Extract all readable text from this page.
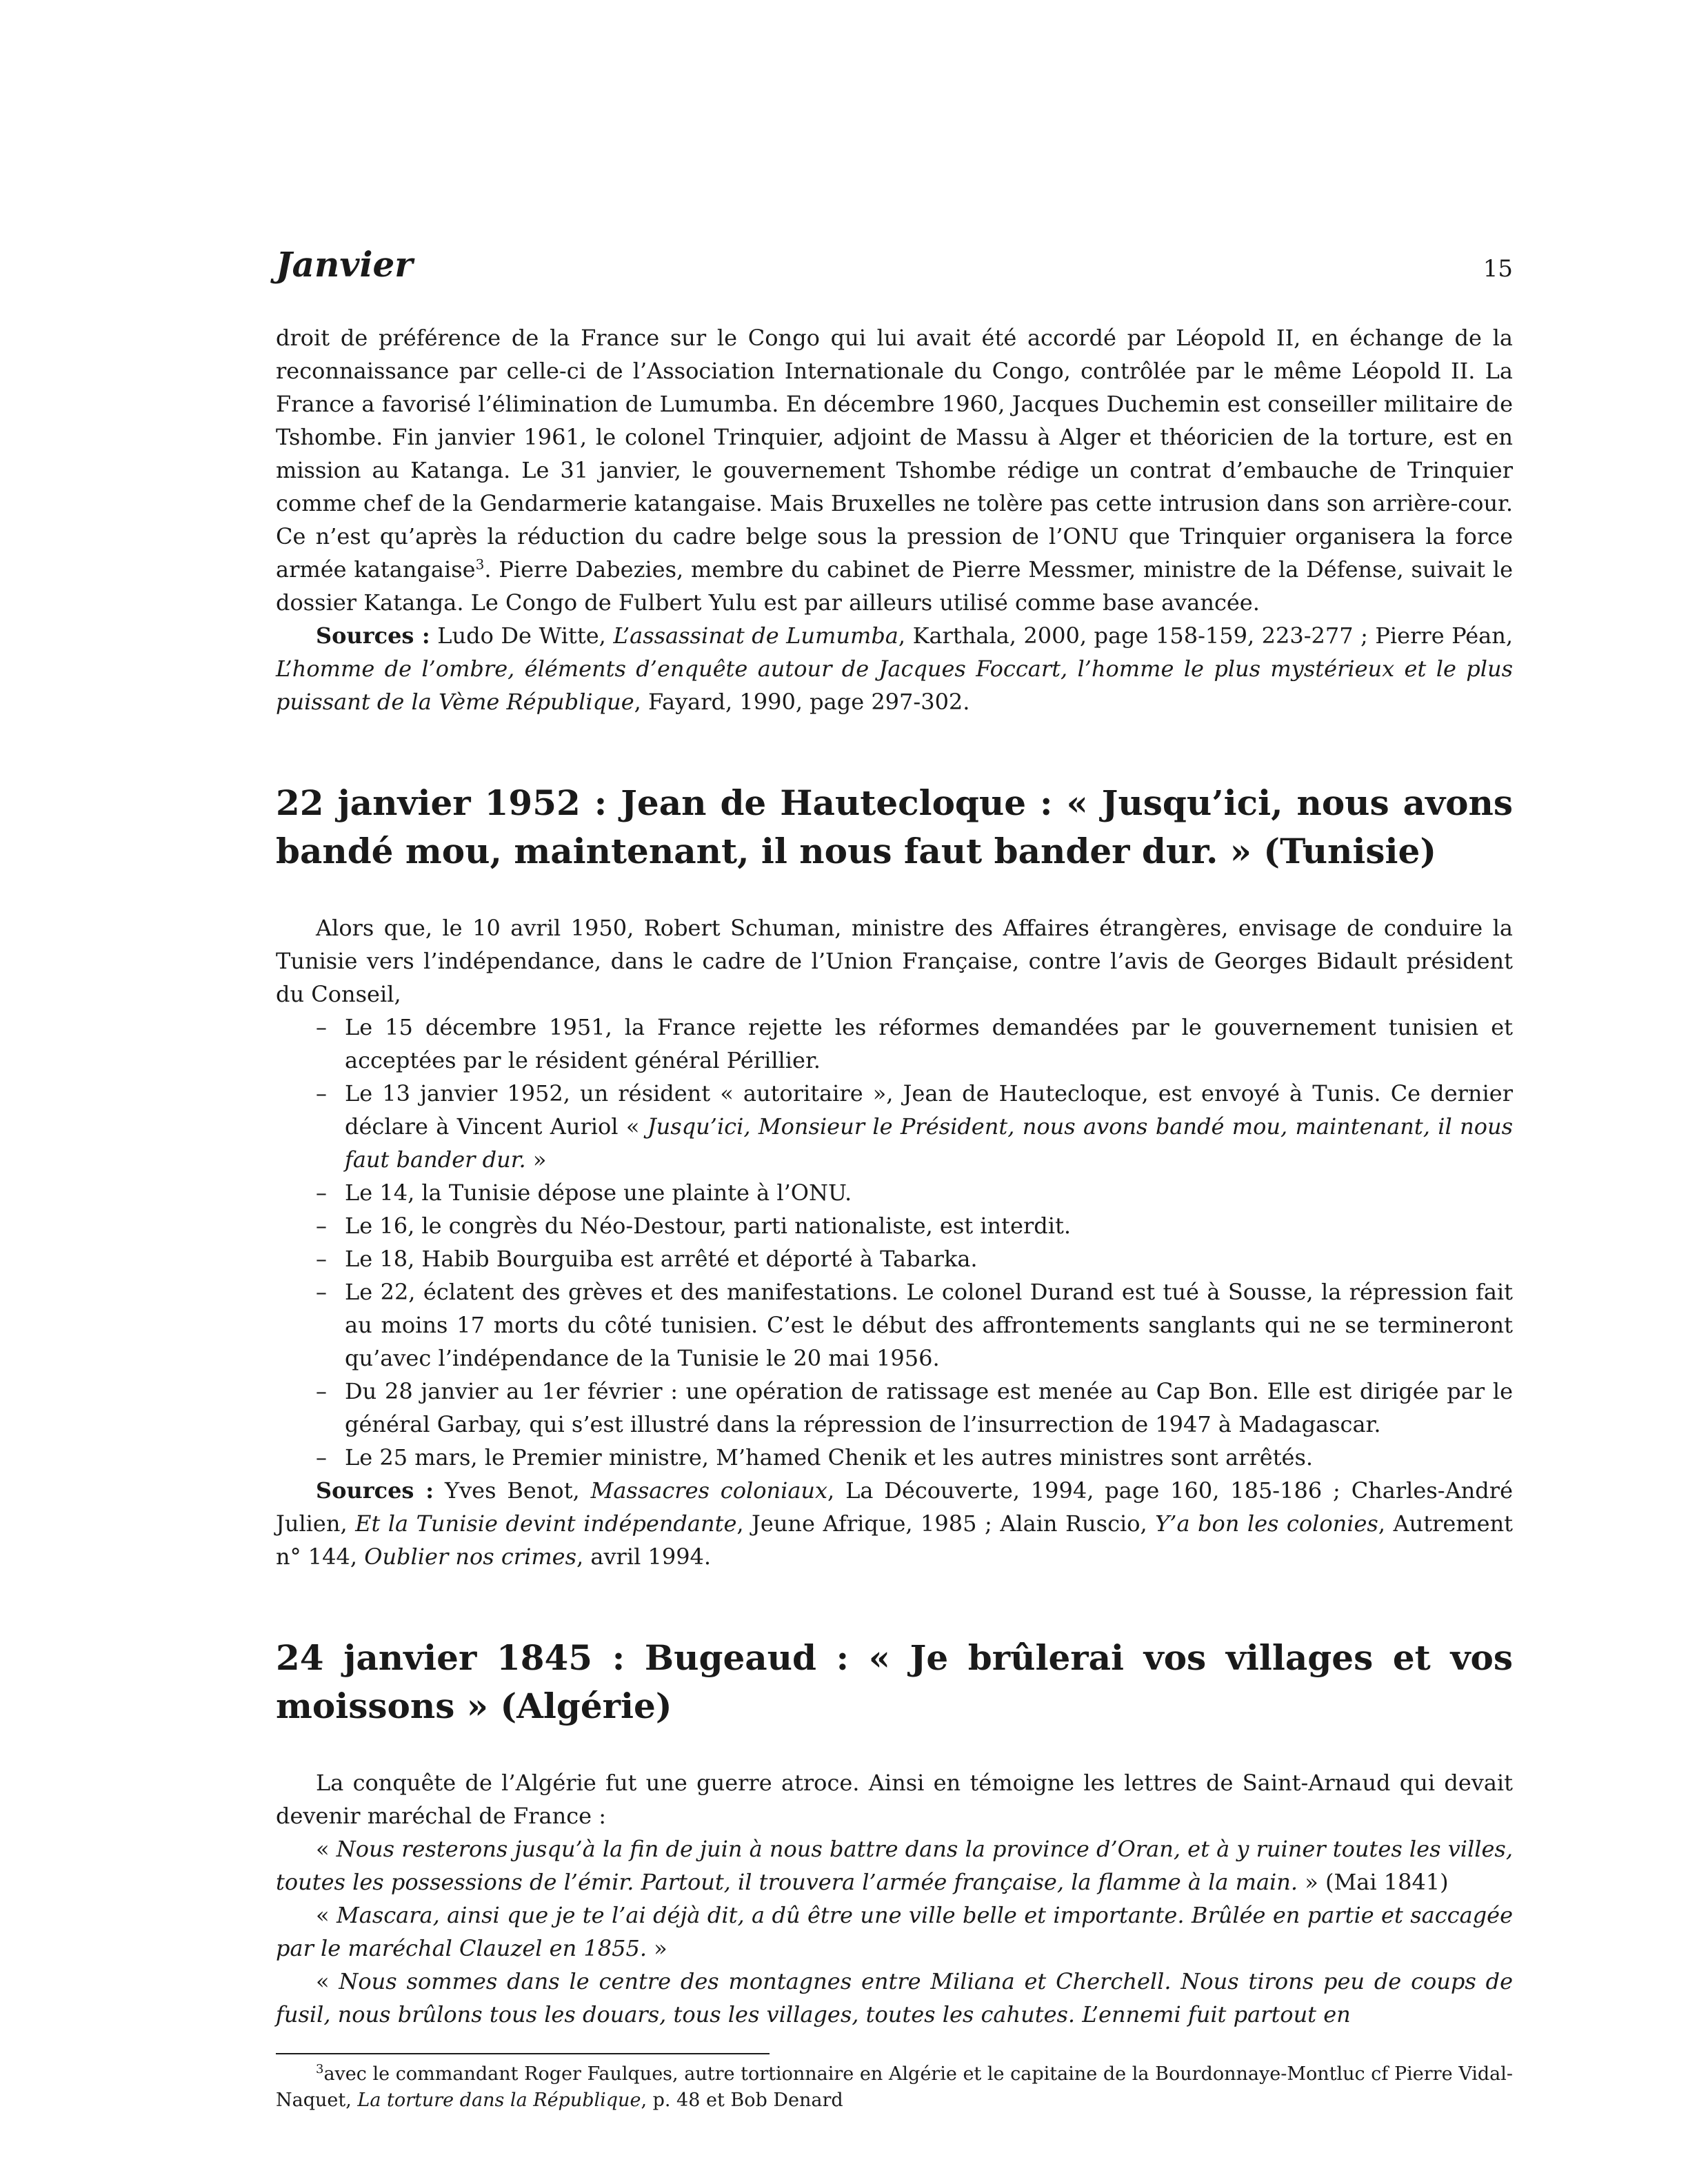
Janvier	15

droit de préférence de la France sur le Congo qui lui avait été accordé par Léopold II, en échange de la reconnaissance par celle-ci de l’Association Internationale du Congo, contrôlée par le même Léopold II. La France a favorisé l’élimination de Lumumba. En décembre 1960, Jacques Duchemin est conseiller militaire de Tshombe. Fin janvier 1961, le colonel Trinquier, adjoint de Massu à Alger et théoricien de la torture, est en mission au Katanga. Le 31 janvier, le gouvernement Tshombe rédige un contrat d’embauche de Trinquier comme chef de la Gendarmerie katangaise. Mais Bruxelles ne tolère pas cette intrusion dans son arrière-cour. Ce n’est qu’après la réduction du cadre belge sous la pression de l’ONU que Trinquier organisera la force armée katangaise$^3$. Pierre Dabezies, membre du cabinet de Pierre Messmer, ministre de la Défense, suivait le dossier Katanga. Le Congo de Fulbert Yulu est par ailleurs utilisé comme base avancée.

Sources : Ludo De Witte, L’assassinat de Lumumba, Karthala, 2000, page 158-159, 223-277 ; Pierre Péan, L’homme de l’ombre, éléments d’enquête autour de Jacques Foccart, l’homme le plus mystérieux et le plus puissant de la Vème République, Fayard, 1990, page 297-302.

22 janvier 1952 : Jean de Hautecloque : « Jusqu’ici, nous avons bandé mou, maintenant, il nous faut bander dur. » (Tunisie)

Alors que, le 10 avril 1950, Robert Schuman, ministre des Affaires étrangères, envisage de conduire la Tunisie vers l’indépendance, dans le cadre de l’Union Française, contre l’avis de Georges Bidault président du Conseil,

– Le 15 décembre 1951, la France rejette les réformes demandées par le gouvernement tunisien et acceptées par le résident général Périllier.
– Le 13 janvier 1952, un résident « autoritaire », Jean de Hautecloque, est envoyé à Tunis. Ce dernier déclare à Vincent Auriol « Jusqu’ici, Monsieur le Président, nous avons bandé mou, maintenant, il nous faut bander dur. »
– Le 14, la Tunisie dépose une plainte à l’ONU.
– Le 16, le congrès du Néo-Destour, parti nationaliste, est interdit.
– Le 18, Habib Bourguiba est arrêté et déporté à Tabarka.
– Le 22, éclatent des grèves et des manifestations. Le colonel Durand est tué à Sousse, la répression fait au moins 17 morts du côté tunisien. C’est le début des affrontements sanglants qui ne se termineront qu’avec l’indépendance de la Tunisie le 20 mai 1956.
– Du 28 janvier au 1er février : une opération de ratissage est menée au Cap Bon. Elle est dirigée par le général Garbay, qui s’est illustré dans la répression de l’insurrection de 1947 à Madagascar.
– Le 25 mars, le Premier ministre, M’hamed Chenik et les autres ministres sont arrêtés.

Sources : Yves Benot, Massacres coloniaux, La Découverte, 1994, page 160, 185-186 ; Charles-André Julien, Et la Tunisie devint indépendante, Jeune Afrique, 1985 ; Alain Ruscio, Y’a bon les colonies, Autrement n° 144, Oublier nos crimes, avril 1994.

24 janvier 1845 : Bugeaud : « Je brûlerai vos villages et vos moissons » (Algérie)

La conquête de l’Algérie fut une guerre atroce. Ainsi en témoigne les lettres de Saint-Arnaud qui devait devenir maréchal de France :

« Nous resterons jusqu’à la fin de juin à nous battre dans la province d’Oran, et à y ruiner toutes les villes, toutes les possessions de l’émir. Partout, il trouvera l’armée française, la flamme à la main. » (Mai 1841)

« Mascara, ainsi que je te l’ai déjà dit, a dû être une ville belle et importante. Brûlée en partie et saccagée par le maréchal Clauzel en 1855. »

« Nous sommes dans le centre des montagnes entre Miliana et Cherchell. Nous tirons peu de coups de fusil, nous brûlons tous les douars, tous les villages, toutes les cahutes. L’ennemi fuit partout en

$^3$avec le commandant Roger Faulques, autre tortionnaire en Algérie et le capitaine de la Bourdonnaye-Montluc cf Pierre Vidal-Naquet, La torture dans la République, p. 48 et Bob Denard
